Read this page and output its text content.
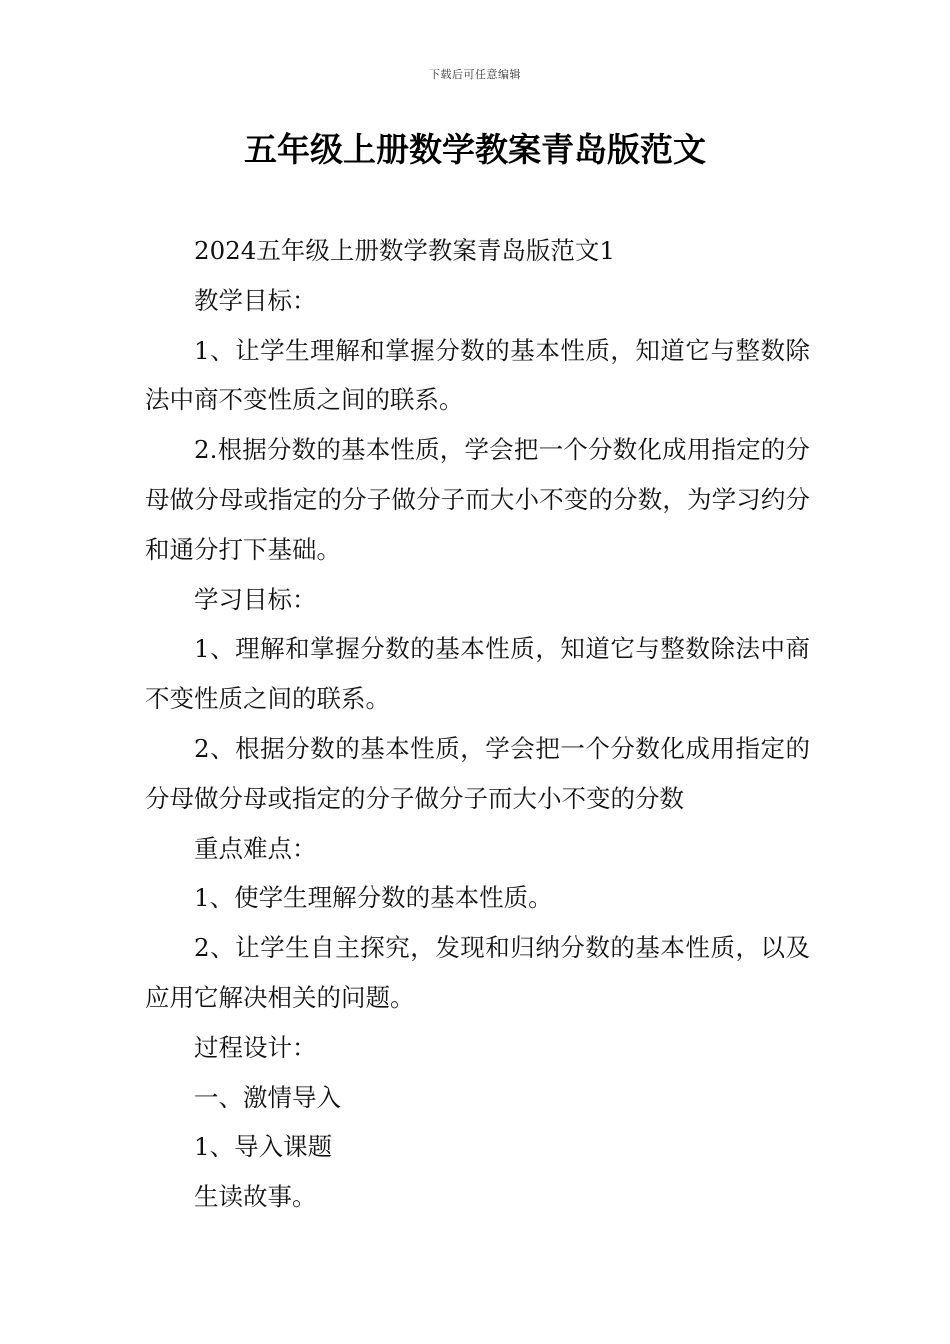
下载后可任意编辑
五年级上册数学教案青岛版范文

2024五年级上册数学教案青岛版范文1

教学目标：

1、让学生理解和掌握分数的基本性质，知道它与整数除法中商不变性质之间的联系。

2.根据分数的基本性质，学会把一个分数化成用指定的分母做分母或指定的分子做分子而大小不变的分数，为学习约分和通分打下基础。

学习目标：

1、理解和掌握分数的基本性质，知道它与整数除法中商不变性质之间的联系。

2、根据分数的基本性质，学会把一个分数化成用指定的分母做分母或指定的分子做分子而大小不变的分数

重点难点：

1、使学生理解分数的基本性质。

2、让学生自主探究，发现和归纳分数的基本性质，以及应用它解决相关的问题。

过程设计：

一、激情导入

1、导入课题

生读故事。
